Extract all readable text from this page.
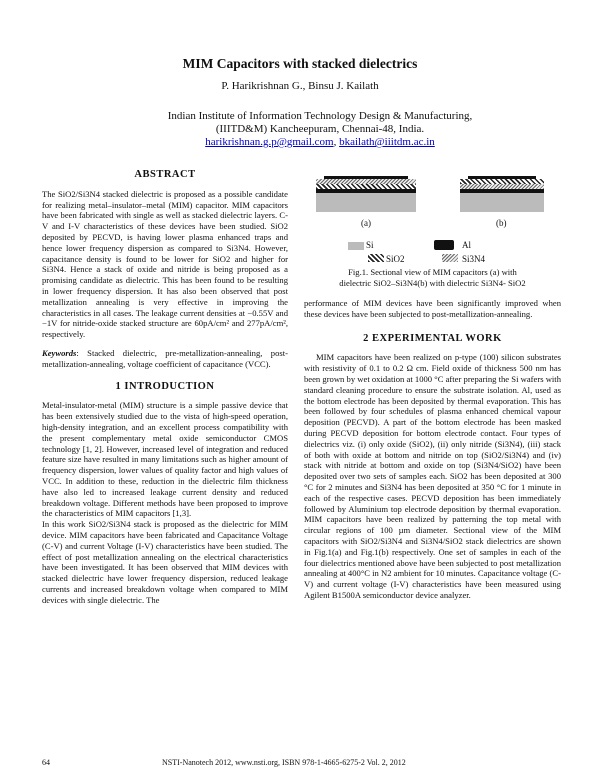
MIM Capacitors with stacked dielectrics
P. Harikrishnan G., Binsu J. Kailath
Indian Institute of Information Technology Design & Manufacturing,
(IIITD&M) Kancheepuram, Chennai-48, India.
harikrishnan.g.p@gmail.com, bkailath@iiitdm.ac.in
ABSTRACT

The SiO2/Si3N4 stacked dielectric is proposed as a possible candidate for realizing metal–insulator–metal (MIM) capacitor. MIM capacitors have been fabricated with single as well as stacked dielectric layers. C-V and I-V characteristics of these devices have been studied. SiO2 deposited by PECVD, is having lower plasma enhanced traps and hence lower frequency dispersion as compared to Si3N4. However, capacitance density is found to be lower for SiO2 and higher for Si3N4. Hence a stack of oxide and nitride is being proposed as a promising candidate as dielectric. This has been found to be resulting in lower frequency dispersion. It has also been observed that post metallization annealing is very effective in improving the characteristics in all cases. The leakage current densities at −0.55V and −1V for nitride-oxide stacked structure are 60pA/cm² and 277pA/cm², respectively.

Keywords: Stacked dielectric, pre-metallization-annealing, post-metallization-annealing, voltage coefficient of capacitance (VCC).

1 INTRODUCTION

Metal-insulator-metal (MIM) structure is a simple passive device that has been extensively studied due to the vista of high-speed operation, high-density integration, and an excellent process compatibility with the present complementary metal oxide semiconductor CMOS technology [1, 2]. However, increased level of integration and reduced feature size have resulted in many limitations such as higher amount of frequency dispersion, lower values of quality factor and high values of VCC. In addition to these, reduction in the dielectric film thickness have also led to increased leakage current density and reduced breakdown voltage. Different methods have been proposed to improve the characteristics of MIM capacitors [1,3].

In this work SiO2/Si3N4 stack is proposed as the dielectric for MIM device. MIM capacitors have been fabricated and Capacitance Voltage (C-V) and current Voltage (I-V) characteristics have been studied. The effect of post metallization annealing on the electrical characteristics have been investigated. It has been observed that MIM devices with stacked dielectric have lower frequency dispersion, reduced leakage currents and increased breakdown voltage when compared to MIM devices with single dielectric. The

(a)	(b)
Si	Al
SiO2	Si3N4
Fig.1. Sectional view of MIM capacitors (a) with
dielectric SiO2–Si3N4(b) with dielectric Si3N4- SiO2

performance of MIM devices have been significantly improved when these devices have been subjected to post-metallization-annealing.

2 EXPERIMENTAL WORK

MIM capacitors have been realized on p-type (100) silicon substrates with resistivity of 0.1 to 0.2 Ω cm. Field oxide of thickness 500 nm has been grown by wet oxidation at 1000 °C after preparing the Si wafers with standard cleaning procedure to ensure the substrate isolation. Al, used as the bottom electrode has been deposited by thermal evaporation. This has been followed by four schedules of plasma enhanced chemical vapour deposition (PECVD). A part of the bottom electrode has been masked during PECVD deposition for bottom electrode contact. Four types of dielectrics viz. (i) only oxide (SiO2), (ii) only nitride (Si3N4), (iii) stack of both with oxide at bottom and nitride on top (SiO2/Si3N4) and (iv) stack with nitride at bottom and oxide on top (Si3N4/SiO2) have been deposited over two sets of samples each. SiO2 has been deposited at 300 °C for 2 minutes and Si3N4 has been deposited at 350 °C for 1 minute in each of the respective cases. PECVD deposition has been immediately followed by Aluminium top electrode deposition by thermal evaporation. MIM capacitors have been realized by patterning the top metal with circular regions of 100 µm diameter. Sectional view of the MIM capacitors with SiO2/Si3N4 and Si3N4/SiO2 stack dielectrics are shown in Fig.1(a) and Fig.1(b) respectively. One set of samples in each of the four dielectrics mentioned above have been subjected to post metallization annealing at 400°C in N2 ambient for 10 minutes. Capacitance voltage (C-V) and current voltage (I-V) characteristics have been measured using Agilent B1500A semiconductor device analyzer.

64	NSTI-Nanotech 2012, www.nsti.org, ISBN 978-1-4665-6275-2 Vol. 2, 2012
